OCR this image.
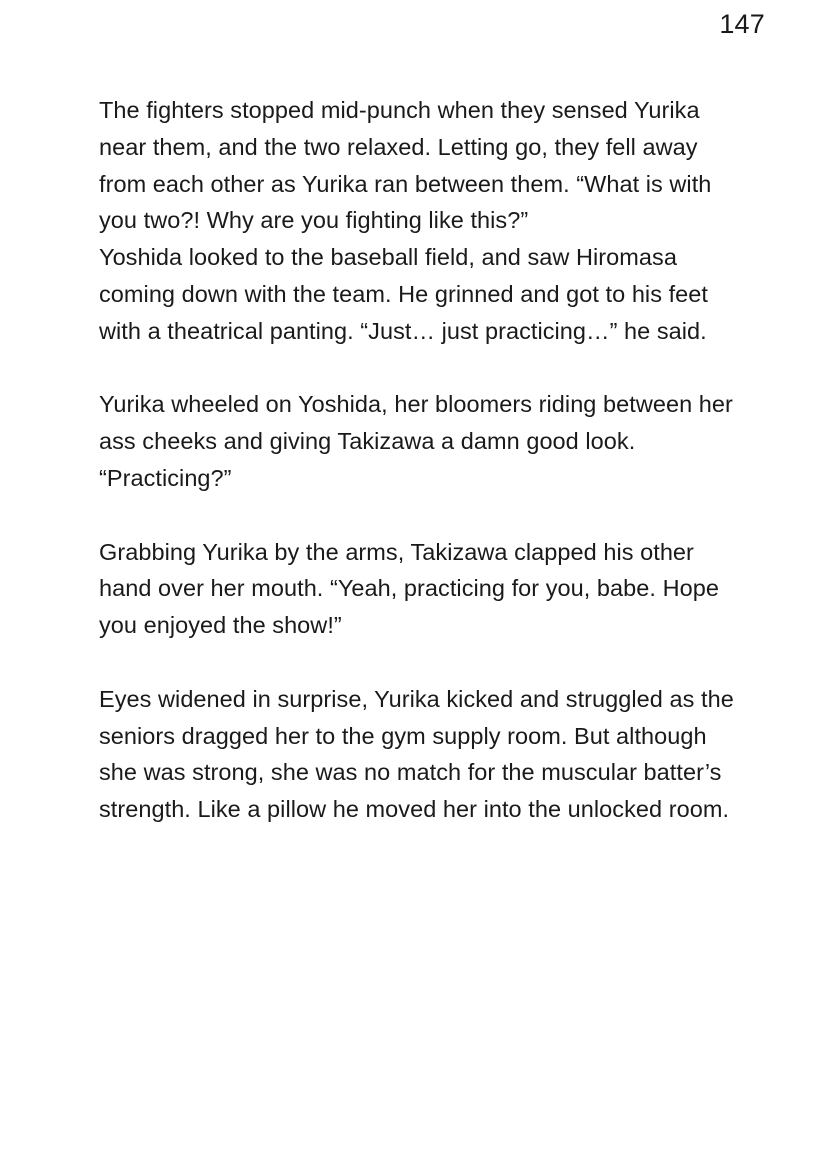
147

The fighters stopped mid-punch when they sensed Yurika near them, and the two relaxed. Letting go, they fell away from each other as Yurika ran between them. “What is with you two?! Why are you fighting like this?”

Yoshida looked to the baseball field, and saw Hiromasa coming down with the team. He grinned and got to his feet with a theatrical panting. “Just… just practicing…” he said.

Yurika wheeled on Yoshida, her bloomers riding between her ass cheeks and giving Takizawa a damn good look. “Practicing?”

Grabbing Yurika by the arms, Takizawa clapped his other hand over her mouth. “Yeah, practicing for you, babe. Hope you enjoyed the show!”

Eyes widened in surprise, Yurika kicked and struggled as the seniors dragged her to the gym supply room. But although she was strong, she was no match for the muscular batter’s strength. Like a pillow he moved her into the unlocked room.
